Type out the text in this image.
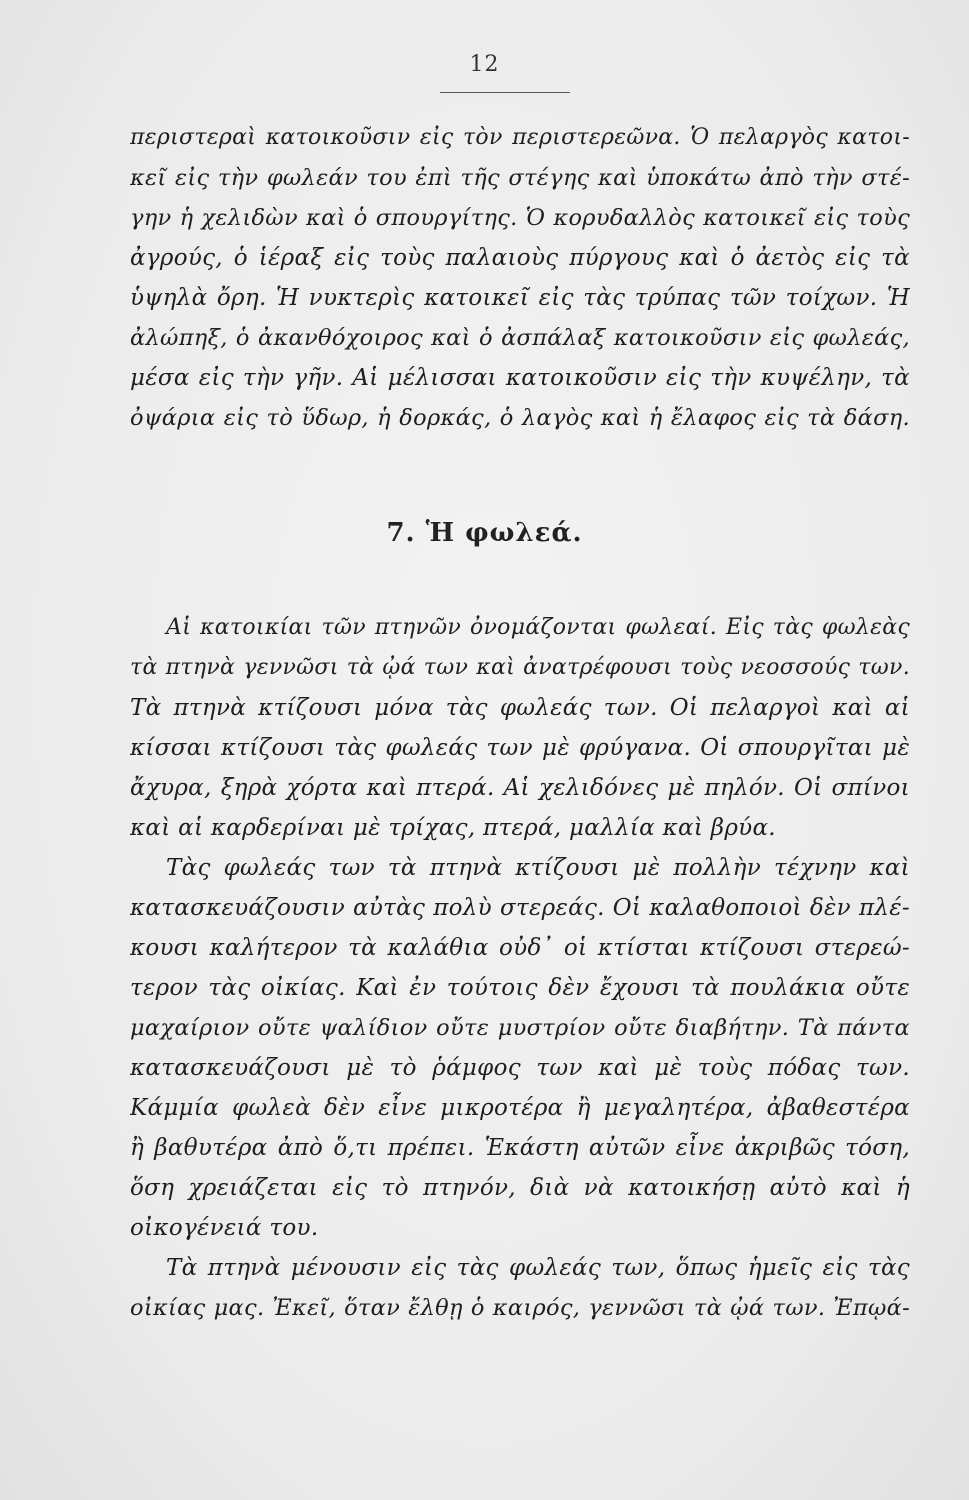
12
περιστεραὶ κατοικοῦσιν εἰς τὸν περιστερεῶνα. Ὁ πελαργὸς κατοι-
κεῖ εἰς τὴν φωλεάν του ἐπὶ τῆς στέγης καὶ ὑποκάτω ἀπὸ τὴν στέ-
γην ἡ χελιδὼν καὶ ὁ σπουργίτης. Ὁ κορυδαλλὸς κατοικεῖ εἰς τοὺς
ἀγρούς, ὁ ἱέραξ εἰς τοὺς παλαιοὺς πύργους καὶ ὁ ἀετὸς εἰς τὰ
ὑψηλὰ ὄρη. Ἡ νυκτερὶς κατοικεῖ εἰς τὰς τρύπας τῶν τοίχων. Ἡ
ἀλώπηξ, ὁ ἀκανθόχοιρος καὶ ὁ ἀσπάλαξ κατοικοῦσιν εἰς φωλεάς,
μέσα εἰς τὴν γῆν. Αἱ μέλισσαι κατοικοῦσιν εἰς τὴν κυψέλην, τὰ
ὀψάρια εἰς τὸ ὕδωρ, ἡ δορκάς, ὁ λαγὸς καὶ ἡ ἔλαφος εἰς τὰ δάση.
7. Ἡ φωλεά.
Αἱ κατοικίαι τῶν πτηνῶν ὀνομάζονται φωλεαί. Εἰς τὰς φωλεὰς
τὰ πτηνὰ γεννῶσι τὰ ᾠά των καὶ ἀνατρέφουσι τοὺς νεοσσούς των.
Τὰ πτηνὰ κτίζουσι μόνα τὰς φωλεάς των. Οἱ πελαργοὶ καὶ αἱ
κίσσαι κτίζουσι τὰς φωλεάς των μὲ φρύγανα. Οἱ σπουργῖται μὲ
ἄχυρα, ξηρὰ χόρτα καὶ πτερά. Αἱ χελιδόνες μὲ πηλόν. Οἱ σπίνοι
καὶ αἱ καρδερίναι μὲ τρίχας, πτερά, μαλλία καὶ βρύα.
Τὰς φωλεάς των τὰ πτηνὰ κτίζουσι μὲ πολλὴν τέχνην καὶ
κατασκευάζουσιν αὐτὰς πολὺ στερεάς. Οἱ καλαθοποιοὶ δὲν πλέ-
κουσι καλήτερον τὰ καλάθια οὐδ᾽ οἱ κτίσται κτίζουσι στερεώ-
τερον τὰς οἰκίας. Καὶ ἐν τούτοις δὲν ἔχουσι τὰ πουλάκια οὔτε
μαχαίριον οὔτε ψαλίδιον οὔτε μυστρίον οὔτε διαβήτην. Τὰ πάντα
κατασκευάζουσι μὲ τὸ ῥάμφος των καὶ μὲ τοὺς πόδας των.
Κάμμία φωλεὰ δὲν εἶνε μικροτέρα ἢ μεγαλητέρα, ἀβαθεστέρα
ἢ βαθυτέρα ἀπὸ ὅ,τι πρέπει. Ἑκάστη αὐτῶν εἶνε ἀκριβῶς τόση,
ὅση χρειάζεται εἰς τὸ πτηνόν, διὰ νὰ κατοικήσῃ αὐτὸ καὶ ἡ
οἰκογένειά του.
Τὰ πτηνὰ μένουσιν εἰς τὰς φωλεάς των, ὅπως ἡμεῖς εἰς τὰς
οἰκίας μας. Ἐκεῖ, ὅταν ἔλθῃ ὁ καιρός, γεννῶσι τὰ ᾠά των. Ἐπῳά-
